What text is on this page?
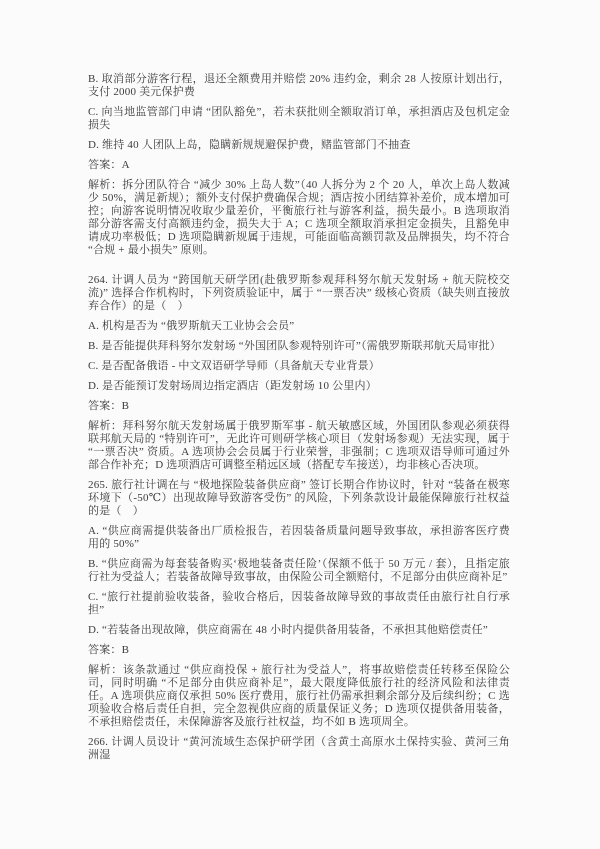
B. 取消部分游客行程，退还全额费用并赔偿 20% 违约金，剩余 28 人按原计划出行，支付 2000 美元保护费

C. 向当地监管部门申请 “团队豁免”，若未获批则全额取消订单，承担酒店及包机定金损失

D. 维持 40 人团队上岛，隐瞒新规规避保护费，赌监管部门不抽查

答案：A

解析：拆分团队符合 “减少 30% 上岛人数”（40 人拆分为 2 个 20 人，单次上岛人数减少 50%，满足新规）；额外支付保护费确保合规；酒店按小团结算补差价，成本增加可控；向游客说明情况收取少量差价，平衡旅行社与游客利益，损失最小。B 选项取消部分游客需支付高额违约金，损失大于 A；C 选项全额取消承担定金损失，且豁免申请成功率极低；D 选项隐瞒新规属于违规，可能面临高额罚款及品牌损失，均不符合 “合规 + 最小损失” 原则。

264. 计调人员为 “跨国航天研学团(赴俄罗斯参观拜科努尔航天发射场 + 航天院校交流)” 选择合作机构时，下列资质验证中，属于 “一票否决” 级核心资质（缺失则直接放弃合作）的是（　）

A. 机构是否为 “俄罗斯航天工业协会会员”

B. 是否能提供拜科努尔发射场 “外国团队参观特别许可”（需俄罗斯联邦航天局审批）

C. 是否配备俄语 - 中文双语研学导师（具备航天专业背景）

D. 是否能预订发射场周边指定酒店（距发射场 10 公里内）

答案：B

解析：拜科努尔航天发射场属于俄罗斯军事 - 航天敏感区域，外国团队参观必须获得联邦航天局的 “特别许可”，无此许可则研学核心项目（发射场参观）无法实现，属于 “一票否决” 资质。A 选项协会会员属于行业荣誉，非强制；C 选项双语导师可通过外部合作补充；D 选项酒店可调整至稍远区域（搭配专车接送），均非核心否决项。

265. 旅行社计调在与 “极地探险装备供应商” 签订长期合作协议时，针对 “装备在极寒环境下（-50℃）出现故障导致游客受伤” 的风险，下列条款设计最能保障旅行社权益的是（　）

A. “供应商需提供装备出厂质检报告，若因装备质量问题导致事故，承担游客医疗费用的 50%”

B. “供应商需为每套装备购买‘极地装备责任险’（保额不低于 50 万元 / 套），且指定旅行社为受益人；若装备故障导致事故，由保险公司全额赔付，不足部分由供应商补足”

C. “旅行社提前验收装备，验收合格后，因装备故障导致的事故责任由旅行社自行承担”

D. “若装备出现故障，供应商需在 48 小时内提供备用装备，不承担其他赔偿责任”

答案：B

解析：该条款通过 “供应商投保 + 旅行社为受益人”，将事故赔偿责任转移至保险公司，同时明确 “不足部分由供应商补足”，最大限度降低旅行社的经济风险和法律责任。A 选项供应商仅承担 50% 医疗费用，旅行社仍需承担剩余部分及后续纠纷；C 选项验收合格后责任自担，完全忽视供应商的质量保证义务；D 选项仅提供备用装备，不承担赔偿责任，未保障游客及旅行社权益，均不如 B 选项周全。

266. 计调人员设计 “黄河流域生态保护研学团（含黄土高原水土保持实验、黄河三角洲湿
